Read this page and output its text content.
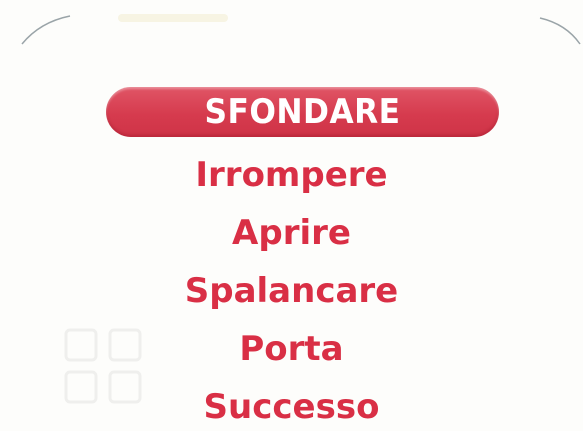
SFONDARE
Irrompere
Aprire
Spalancare
Porta
Successo
